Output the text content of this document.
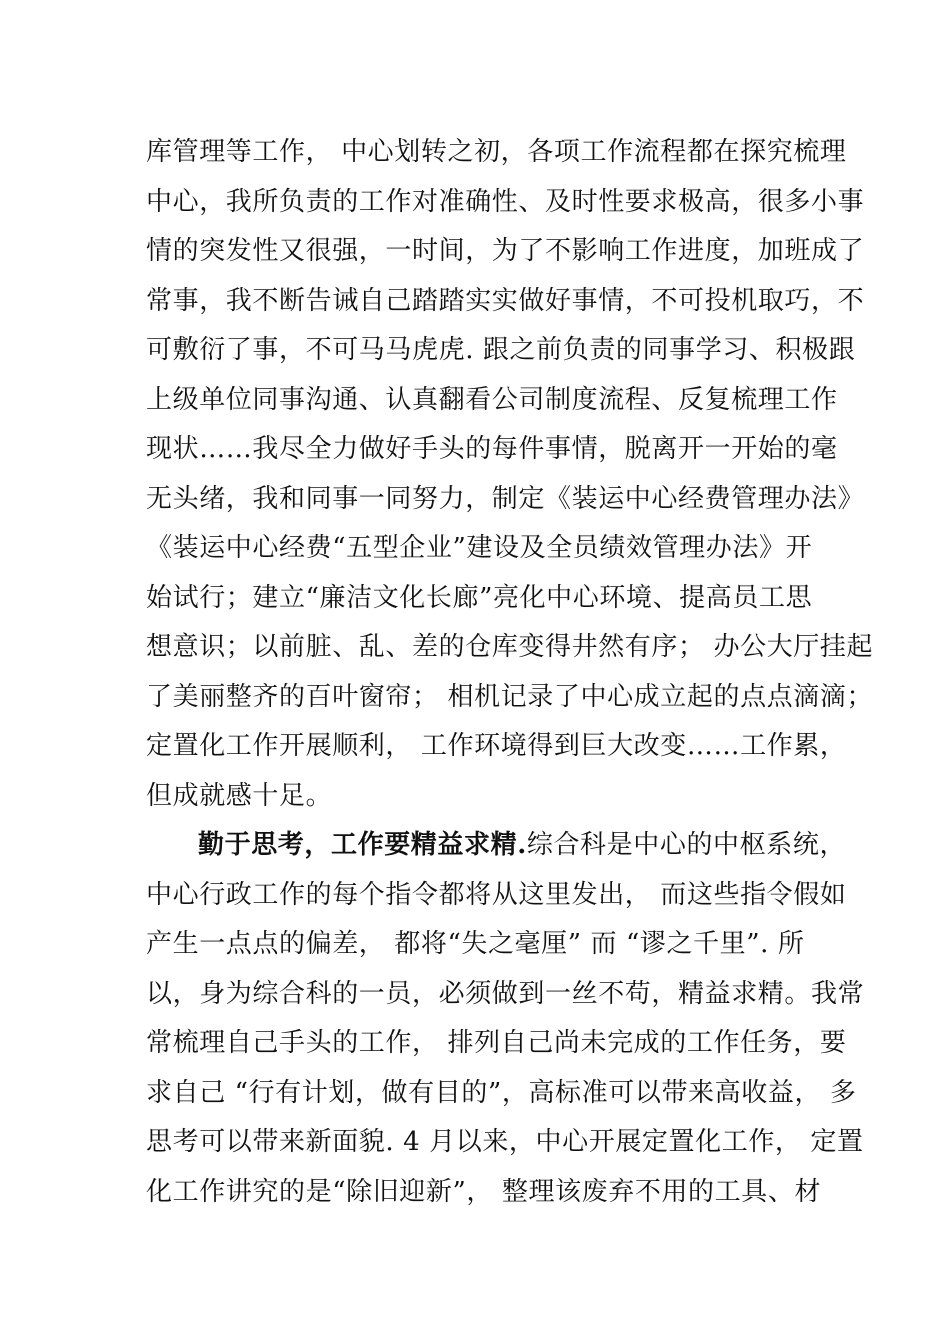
库管理等工作， 中心划转之初，各项工作流程都在探究梳理
中心，我所负责的工作对准确性、及时性要求极高，很多小事
情的突发性又很强，一时间，为了不影响工作进度，加班成了
常事，我不断告诫自己踏踏实实做好事情，不可投机取巧，不
可敷衍了事，不可马马虎虎. 跟之前负责的同事学习、积极跟
上级单位同事沟通、认真翻看公司制度流程、反复梳理工作
现状……我尽全力做好手头的每件事情，脱离开一开始的毫
无头绪，我和同事一同努力，制定《装运中心经费管理办法》
《装运中心经费“五型企业”建设及全员绩效管理办法》开
始试行；建立“廉洁文化长廊”亮化中心环境、提高员工思
想意识；以前脏、乱、差的仓库变得井然有序； 办公大厅挂起
了美丽整齐的百叶窗帘； 相机记录了中心成立起的点点滴滴；
定置化工作开展顺利， 工作环境得到巨大改变……工作累，
但成就感十足。
勤于思考，工作要精益求精.综合科是中心的中枢系统，
中心行政工作的每个指令都将从这里发出， 而这些指令假如
产生一点点的偏差， 都将“失之毫厘” 而 “谬之千里”. 所
以，身为综合科的一员，必须做到一丝不苟，精益求精。我常
常梳理自己手头的工作， 排列自己尚未完成的工作任务，要
求自己 “行有计划，做有目的”，高标准可以带来高收益， 多
思考可以带来新面貌. 4 月以来，中心开展定置化工作， 定置
化工作讲究的是“除旧迎新”， 整理该废弃不用的工具、材
